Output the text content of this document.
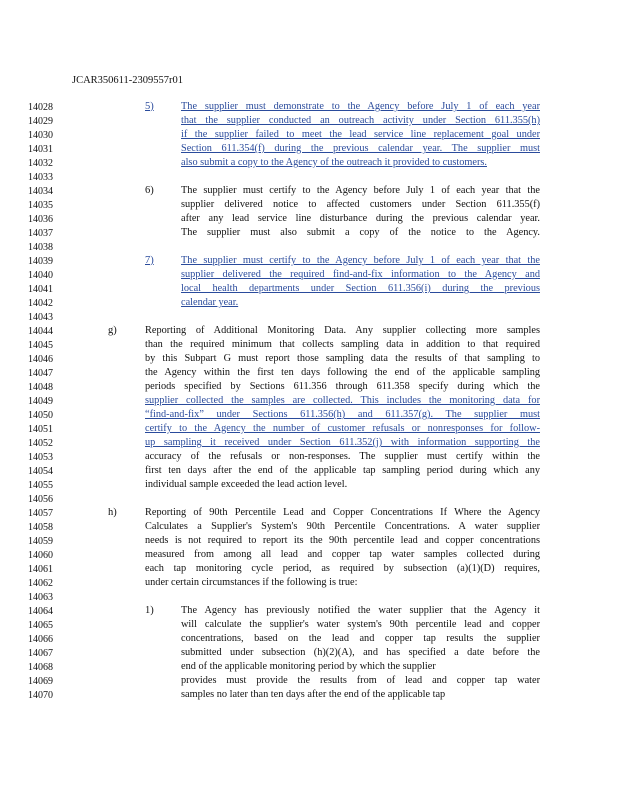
JCAR350611-2309557r01
14028
14029
14030
14031
14032
14033
14034
14035
14036
14037
14038
14039
14040
14041
14042
14043
14044
14045
14046
14047
14048
14049
14050
14051
14052
14053
14054
14055
14056
14057
14058
14059
14060
14061
14062
14063
14064
14065
14066
14067
14068
14069
14070
The supplier must demonstrate to the Agency before July 1 of each year
that the supplier conducted an outreach activity under Section 611.355(h)
if the supplier failed to meet the lead service line replacement goal under
Section 611.354(f) during the previous calendar year. The supplier must
also submit a copy to the Agency of the outreach it provided to customers.
The supplier must certify to the Agency before July 1 of each year that the
supplier delivered notice to affected customers under Section 611.355(f)
after any lead service line disturbance during the previous calendar year.
The supplier must also submit a copy of the notice to the Agency.
The supplier must certify to the Agency before July 1 of each year that the
supplier delivered the required find-and-fix information to the Agency and
local health departments under Section 611.356(i) during the previous
calendar year.
Reporting of Additional Monitoring Data. Any supplier collecting more samples
than the required minimum that collects sampling data in addition to that required
by this Subpart G must report those sampling data the results of that sampling to
the Agency within the first ten days following the end of the applicable sampling
periods specified by Sections 611.356 through 611.358 specify during which the
supplier collected the samples are collected. This includes the monitoring data for
“find-and-fix” under Sections 611.356(h) and 611.357(g). The supplier must
certify to the Agency the number of customer refusals or nonresponses for follow-
up sampling it received under Section 611.352(j) with information supporting the
accuracy of the refusals or non-responses. The supplier must certify within the
first ten days after the end of the applicable tap sampling period during which any
individual sample exceeded the lead action level.
Reporting of 90th Percentile Lead and Copper Concentrations If Where the Agency
Calculates a Supplier's System's 90th Percentile Concentrations. A water supplier
needs is not required to report its the 90th percentile lead and copper concentrations
measured from among all lead and copper tap water samples collected during
each tap monitoring cycle period, as required by subsection (a)(1)(D) requires,
under certain circumstances if the following is true:
The Agency has previously notified the water supplier that the Agency it
will calculate the supplier's water system's 90th percentile lead and copper
concentrations, based on the lead and copper tap results the supplier
submitted under subsection (h)(2)(A), and has specified a date before the
end of the applicable monitoring period by which the supplier
provides must provide the results from of lead and copper tap water
samples no later than ten days after the end of the applicable tap
5)
6)
7)
g)
h)
1)
